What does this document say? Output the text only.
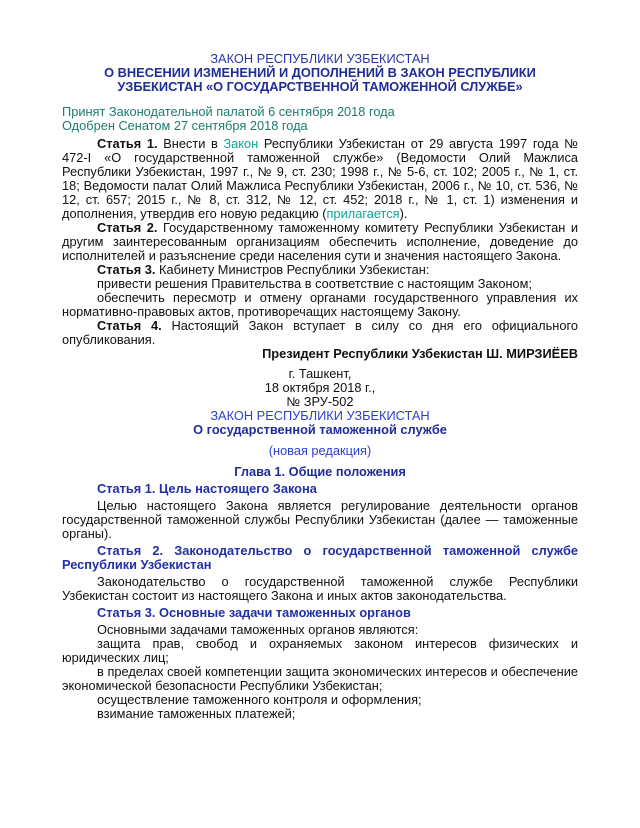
ЗАКОН РЕСПУБЛИКИ УЗБЕКИСТАН
О ВНЕСЕНИИ ИЗМЕНЕНИЙ И ДОПОЛНЕНИЙ В ЗАКОН РЕСПУБЛИКИ УЗБЕКИСТАН «О ГОСУДАРСТВЕННОЙ ТАМОЖЕННОЙ СЛУЖБЕ»
Принят Законодательной палатой 6 сентября 2018 года
Одобрен Сенатом 27 сентября 2018 года

Статья 1. Внести в Закон Республики Узбекистан от 29 августа 1997 года № 472-I «О государственной таможенной службе» (Ведомости Олий Мажлиса Республики Узбекистан, 1997 г., № 9, ст. 230; 1998 г., № 5-6, ст. 102; 2005 г., № 1, ст. 18; Ведомости палат Олий Мажлиса Республики Узбекистан, 2006 г., № 10, ст. 536, № 12, ст. 657; 2015 г., № 8, ст. 312, № 12, ст. 452; 2018 г., № 1, ст. 1) изменения и дополнения, утвердив его новую редакцию (прилагается).

Статья 2. Государственному таможенному комитету Республики Узбекистан и другим заинтересованным организациям обеспечить исполнение, доведение до исполнителей и разъяснение среди населения сути и значения настоящего Закона.

Статья 3. Кабинету Министров Республики Узбекистан:

привести решения Правительства в соответствие с настоящим Законом;

обеспечить пересмотр и отмену органами государственного управления их нормативно-правовых актов, противоречащих настоящему Закону.

Статья 4. Настоящий Закон вступает в силу со дня его официального опубликования.

Президент Республики Узбекистан Ш. МИРЗИЁЕВ

г. Ташкент,
18 октября 2018 г.,
№ ЗРУ-502
ЗАКОН РЕСПУБЛИКИ УЗБЕКИСТАН
О государственной таможенной службе
(новая редакция)
Глава 1. Общие положения

Статья 1. Цель настоящего Закона

Целью настоящего Закона является регулирование деятельности органов государственной таможенной службы Республики Узбекистан (далее — таможенные органы).

Статья 2. Законодательство о государственной таможенной службе Республики Узбекистан

Законодательство о государственной таможенной службе Республики Узбекистан состоит из настоящего Закона и иных актов законодательства.

Статья 3. Основные задачи таможенных органов

Основными задачами таможенных органов являются:

защита прав, свобод и охраняемых законом интересов физических и юридических лиц;

в пределах своей компетенции защита экономических интересов и обеспечение экономической безопасности Республики Узбекистан;

осуществление таможенного контроля и оформления;

взимание таможенных платежей;
